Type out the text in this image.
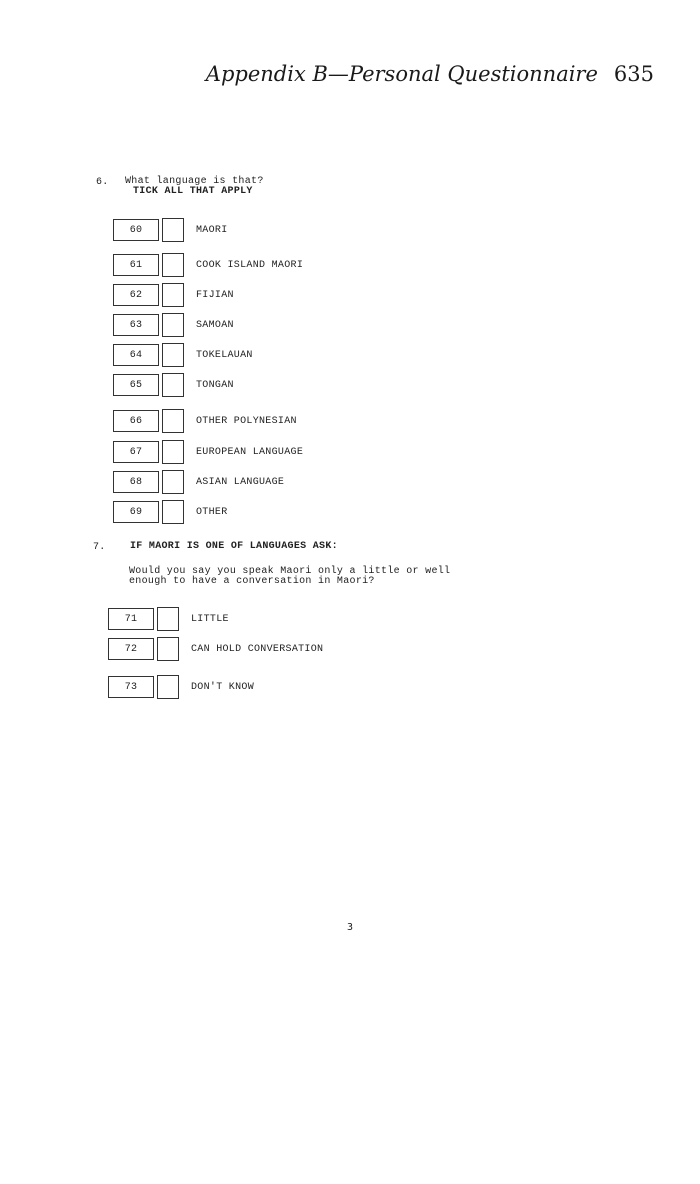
Appendix B—Personal Questionnaire 635
6. What language is that?
TICK ALL THAT APPLY
60	MAORI
61	COOK ISLAND MAORI
62	FIJIAN
63	SAMOAN
64	TOKELAUAN
65	TONGAN
66	OTHER POLYNESIAN
67	EUROPEAN LANGUAGE
68	ASIAN LANGUAGE
69	OTHER
7. IF MAORI IS ONE OF LANGUAGES ASK:
Would you say you speak Maori only a little or well
enough to have a conversation in Maori?
71	LITTLE
72	CAN HOLD CONVERSATION
73	DON'T KNOW
3
